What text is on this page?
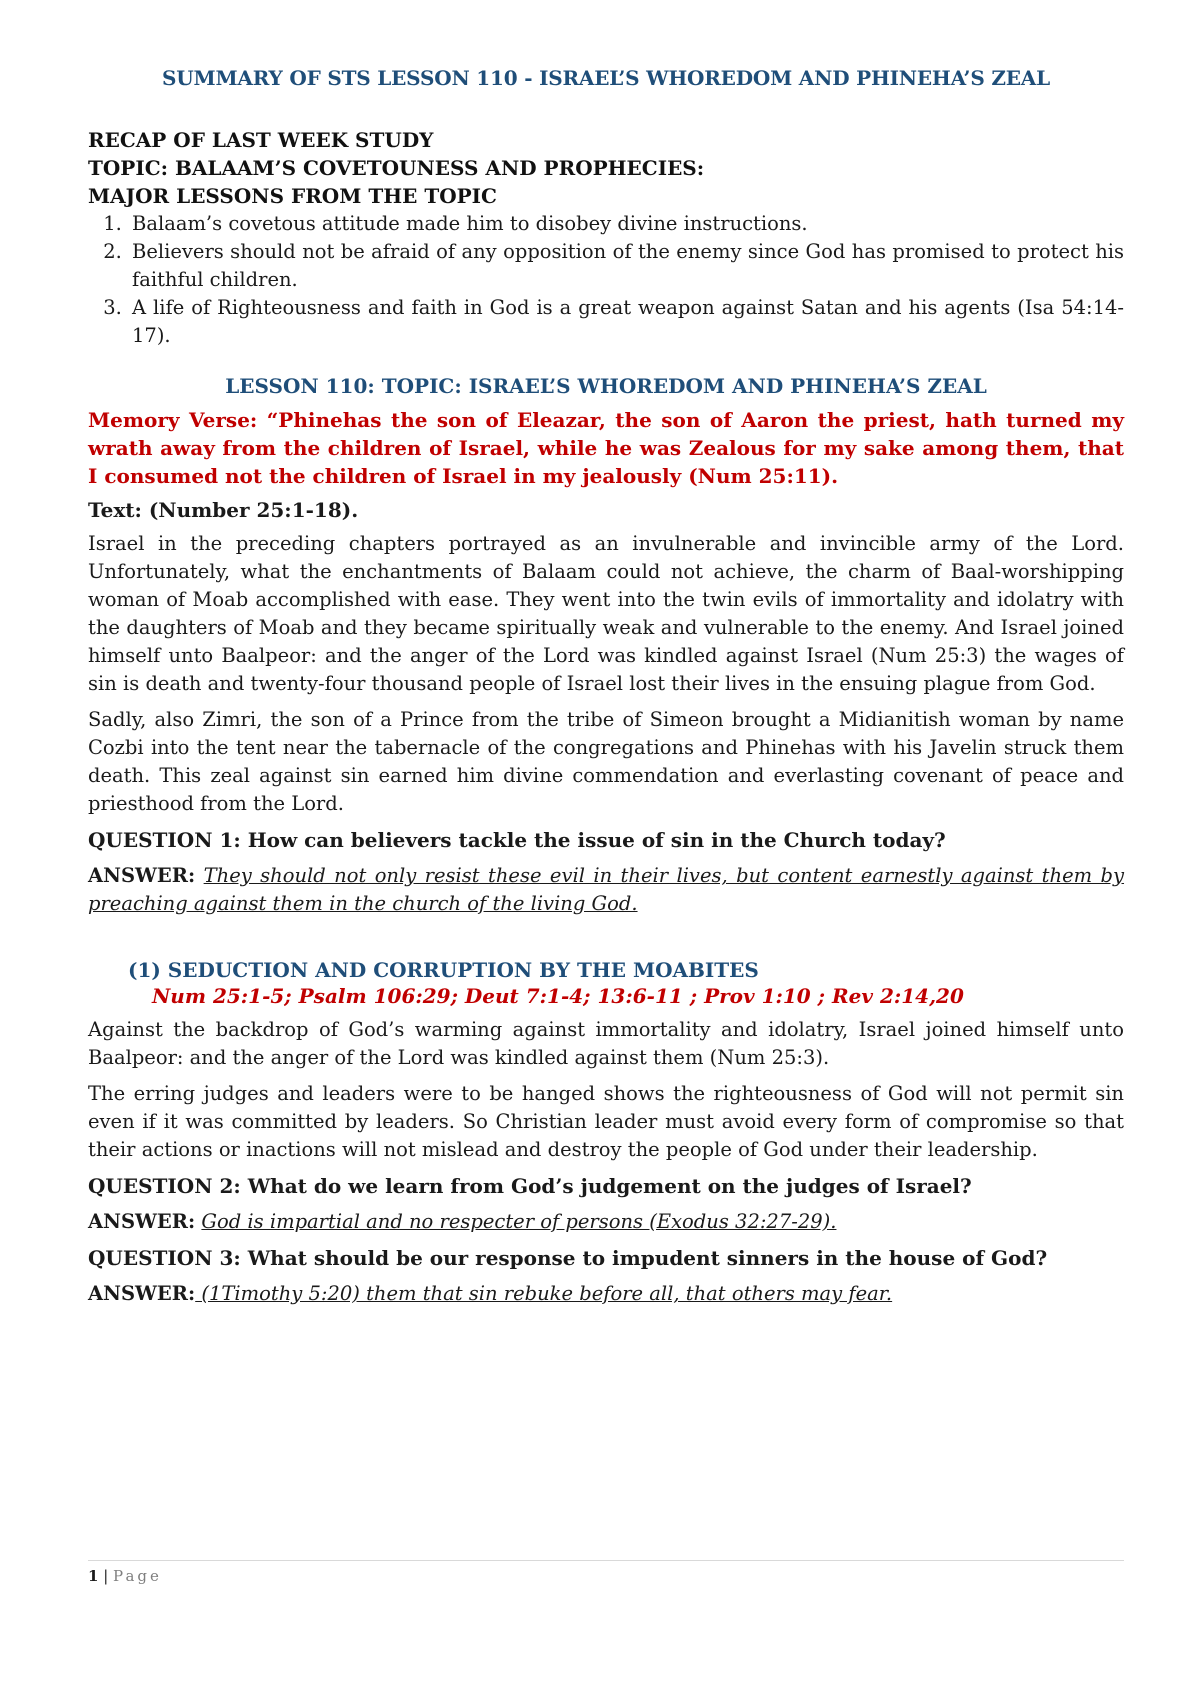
SUMMARY OF STS LESSON 110 - ISRAEL’S WHOREDOM AND PHINEHA’S ZEAL
RECAP OF LAST WEEK STUDY
TOPIC: BALAAM’S COVETOUNESS AND PROPHECIES:
MAJOR LESSONS FROM THE TOPIC
1. Balaam’s covetous attitude made him to disobey divine instructions.
2. Believers should not be afraid of any opposition of the enemy since God has promised to protect his faithful children.
3. A life of Righteousness and faith in God is a great weapon against Satan and his agents (Isa 54:14-17).
LESSON 110: TOPIC: ISRAEL’S WHOREDOM AND PHINEHA’S ZEAL
Memory Verse: “Phinehas the son of Eleazar, the son of Aaron the priest, hath turned my wrath away from the children of Israel, while he was Zealous for my sake among them, that I consumed not the children of Israel in my jealously (Num 25:11).
Text: (Number 25:1-18).

Israel in the preceding chapters portrayed as an invulnerable and invincible army of the Lord. Unfortunately, what the enchantments of Balaam could not achieve, the charm of Baal-worshipping woman of Moab accomplished with ease. They went into the twin evils of immortality and idolatry with the daughters of Moab and they became spiritually weak and vulnerable to the enemy. And Israel joined himself unto Baalpeor: and the anger of the Lord was kindled against Israel (Num 25:3) the wages of sin is death and twenty-four thousand people of Israel lost their lives in the ensuing plague from God.

Sadly, also Zimri, the son of a Prince from the tribe of Simeon brought a Midianitish woman by name Cozbi into the tent near the tabernacle of the congregations and Phinehas with his Javelin struck them death. This zeal against sin earned him divine commendation and everlasting covenant of peace and priesthood from the Lord.

QUESTION 1: How can believers tackle the issue of sin in the Church today?
ANSWER: They should not only resist these evil in their lives, but content earnestly against them by preaching against them in the church of the living God.
(1) SEDUCTION AND CORRUPTION BY THE MOABITES
Num 25:1-5; Psalm 106:29; Deut 7:1-4; 13:6-11 ; Prov 1:10 ; Rev 2:14,20

Against the backdrop of God’s warming against immortality and idolatry, Israel joined himself unto Baalpeor: and the anger of the Lord was kindled against them (Num 25:3).

The erring judges and leaders were to be hanged shows the righteousness of God will not permit sin even if it was committed by leaders. So Christian leader must avoid every form of compromise so that their actions or inactions will not mislead and destroy the people of God under their leadership.

QUESTION 2: What do we learn from God’s judgement on the judges of Israel?
ANSWER: God is impartial and no respecter of persons (Exodus 32:27-29).
QUESTION 3: What should be our response to impudent sinners in the house of God?
ANSWER: (1Timothy 5:20) them that sin rebuke before all, that others may fear.
1 | Page
